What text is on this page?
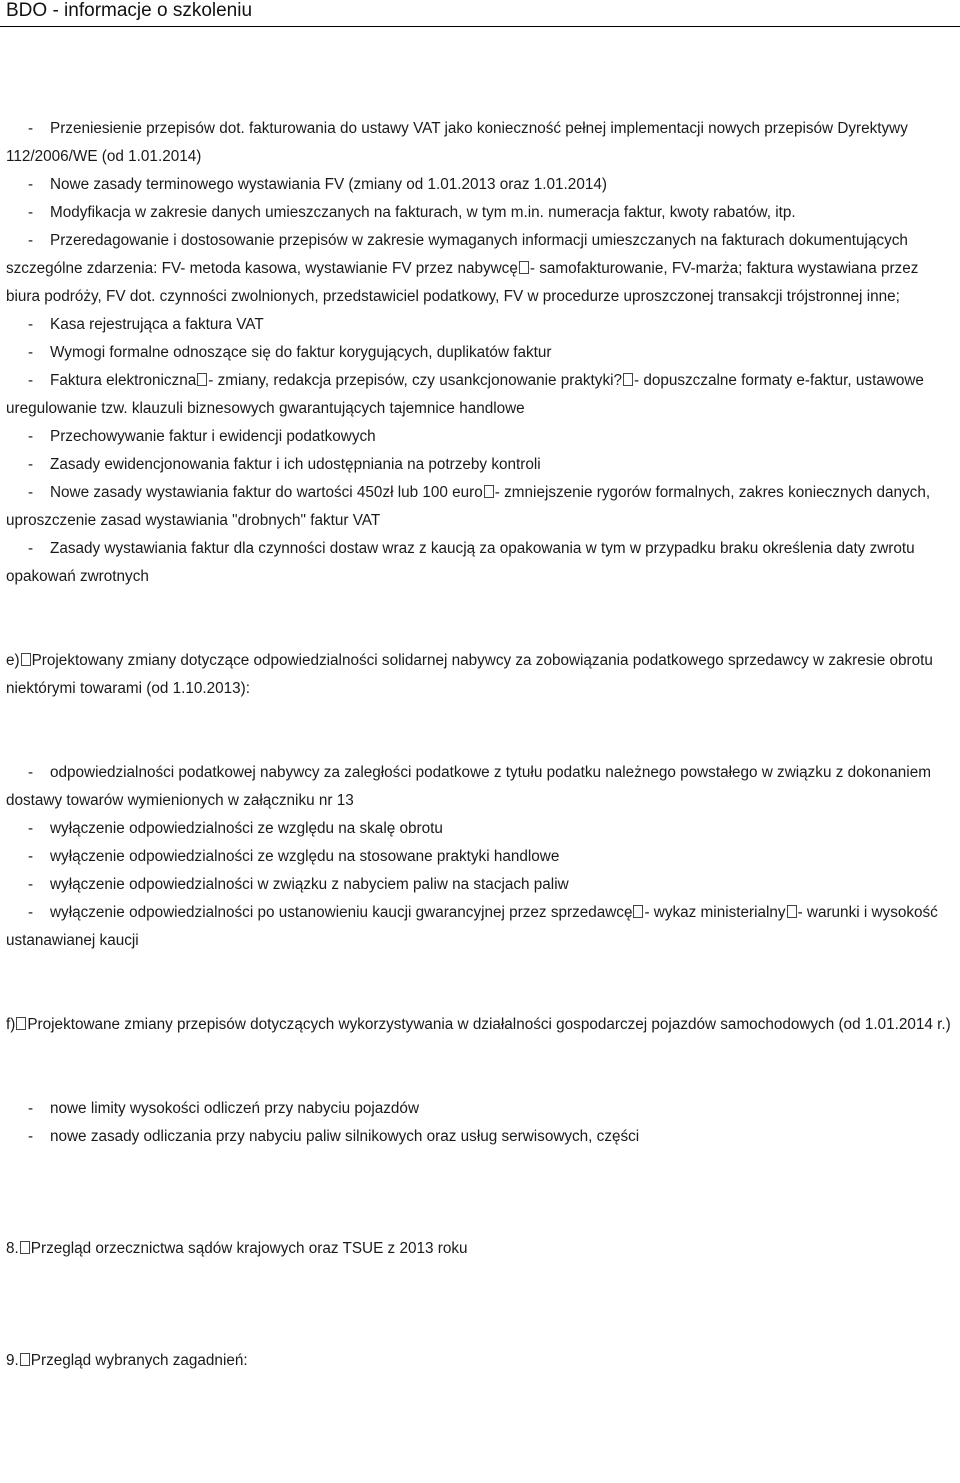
BDO - informacje o szkoleniu

- Przeniesienie przepisów dot. fakturowania do ustawy VAT jako konieczność pełnej implementacji nowych przepisów Dyrektywy 112/2006/WE (od 1.01.2014)

- Nowe zasady terminowego wystawiania FV (zmiany od 1.01.2013 oraz 1.01.2014)

- Modyfikacja w zakresie danych umieszczanych na fakturach, w tym m.in. numeracja faktur, kwoty rabatów, itp.

- Przeredagowanie i dostosowanie przepisów w zakresie wymaganych informacji umieszczanych na fakturach dokumentujących szczególne zdarzenia: FV- metoda kasowa, wystawianie FV przez nabywcę - samofakturowanie, FV-marża; faktura wystawiana przez biura podróży, FV dot. czynności zwolnionych, przedstawiciel podatkowy, FV w procedurze uproszczonej transakcji trójstronnej inne;

- Kasa rejestrująca a faktura VAT

- Wymogi formalne odnoszące się do faktur korygujących, duplikatów faktur

- Faktura elektroniczna - zmiany, redakcja przepisów, czy usankcjonowanie praktyki? - dopuszczalne formaty e-faktur, ustawowe uregulowanie tzw. klauzuli biznesowych gwarantujących tajemnice handlowe

- Przechowywanie faktur i ewidencji podatkowych

- Zasady ewidencjonowania faktur i ich udostępniania na potrzeby kontroli

- Nowe zasady wystawiania faktur do wartości 450zł lub 100 euro - zmniejszenie rygorów formalnych, zakres koniecznych danych, uproszczenie zasad wystawiania "drobnych" faktur VAT

- Zasady wystawiania faktur dla czynności dostaw wraz z kaucją za opakowania w tym w przypadku braku określenia daty zwrotu opakowań zwrotnych

e) Projektowany zmiany dotyczące odpowiedzialności solidarnej nabywcy za zobowiązania podatkowego sprzedawcy w zakresie obrotu niektórymi towarami (od 1.10.2013):

- odpowiedzialności podatkowej nabywcy za zaległości podatkowe z tytułu podatku należnego powstałego w związku z dokonaniem dostawy towarów wymienionych w załączniku nr 13

- wyłączenie odpowiedzialności ze względu na skalę obrotu

- wyłączenie odpowiedzialności ze względu na stosowane praktyki handlowe

- wyłączenie odpowiedzialności w związku z nabyciem paliw na stacjach paliw

- wyłączenie odpowiedzialności po ustanowieniu kaucji gwarancyjnej przez sprzedawcę - wykaz ministerialny - warunki i wysokość ustanawianej kaucji

f) Projektowane zmiany przepisów dotyczących wykorzystywania w działalności gospodarczej pojazdów samochodowych (od 1.01.2014 r.)

- nowe limity wysokości odliczeń przy nabyciu pojazdów

- nowe zasady odliczania przy nabyciu paliw silnikowych oraz usług serwisowych, części

8. Przegląd orzecznictwa sądów krajowych oraz TSUE z 2013 roku

9. Przegląd wybranych zagadnień:
